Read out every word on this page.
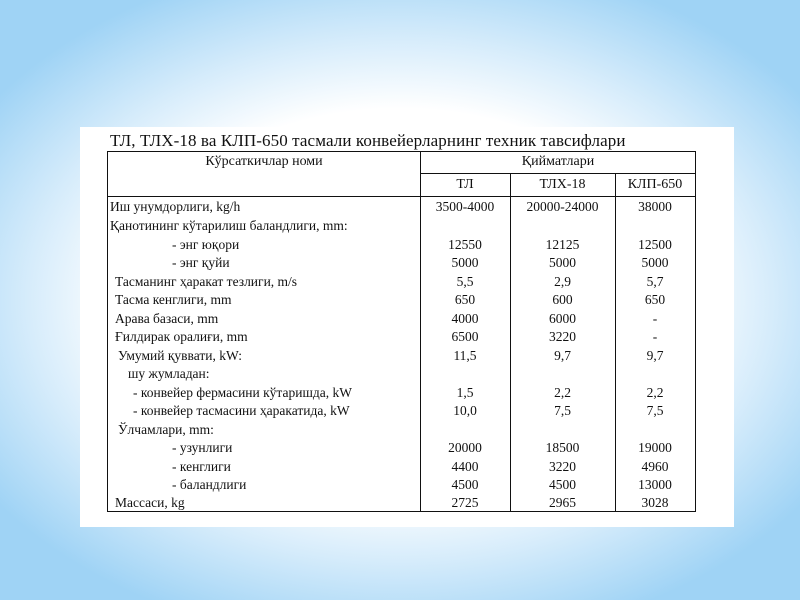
ТЛ, ТЛХ-18 ва КЛП-650 тасмали конвейерларнинг техник тавсифлари
Кўрсаткичлар номи	Қийматлари
ТЛ	ТЛХ-18	КЛП-650
Иш унумдорлиги, kg/h	3500-4000	20000-24000	38000
Қанотининг кўтарилиш баландлиги, mm:
- энг юқори	12550	12125	12500
- энг қуйи	5000	5000	5000
Тасманинг ҳаракат тезлиги, m/s	5,5	2,9	5,7
Тасма кенглиги, mm	650	600	650
Арава базаси, mm	4000	6000	-
Ғилдирак оралиғи, mm	6500	3220	-
Умумий қуввати, kW:	11,5	9,7	9,7
шу жумладан:
- конвейер фермасини кўтаришда, kW	1,5	2,2	2,2
- конвейер тасмасини ҳаракатида, kW	10,0	7,5	7,5
Ўлчамлари, mm:
- узунлиги	20000	18500	19000
- кенглиги	4400	3220	4960
- баландлиги	4500	4500	13000
Массаси, kg	2725	2965	3028
